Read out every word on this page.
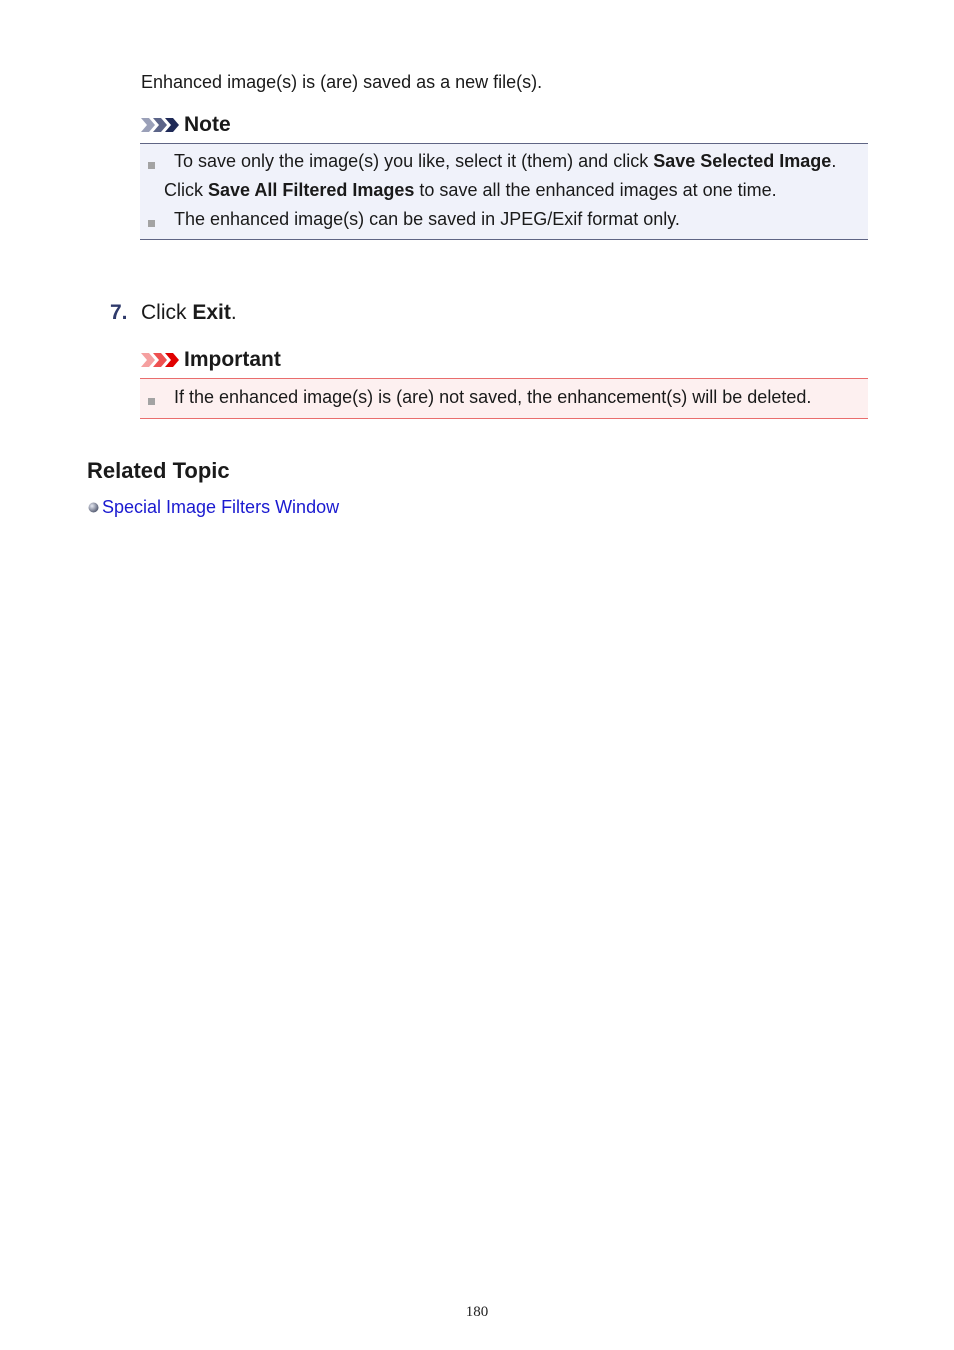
Enhanced image(s) is (are) saved as a new file(s).
Note
To save only the image(s) you like, select it (them) and click Save Selected Image. Click Save All Filtered Images to save all the enhanced images at one time.
The enhanced image(s) can be saved in JPEG/Exif format only.
7. Click Exit.
Important
If the enhanced image(s) is (are) not saved, the enhancement(s) will be deleted.
Related Topic
Special Image Filters Window
180
